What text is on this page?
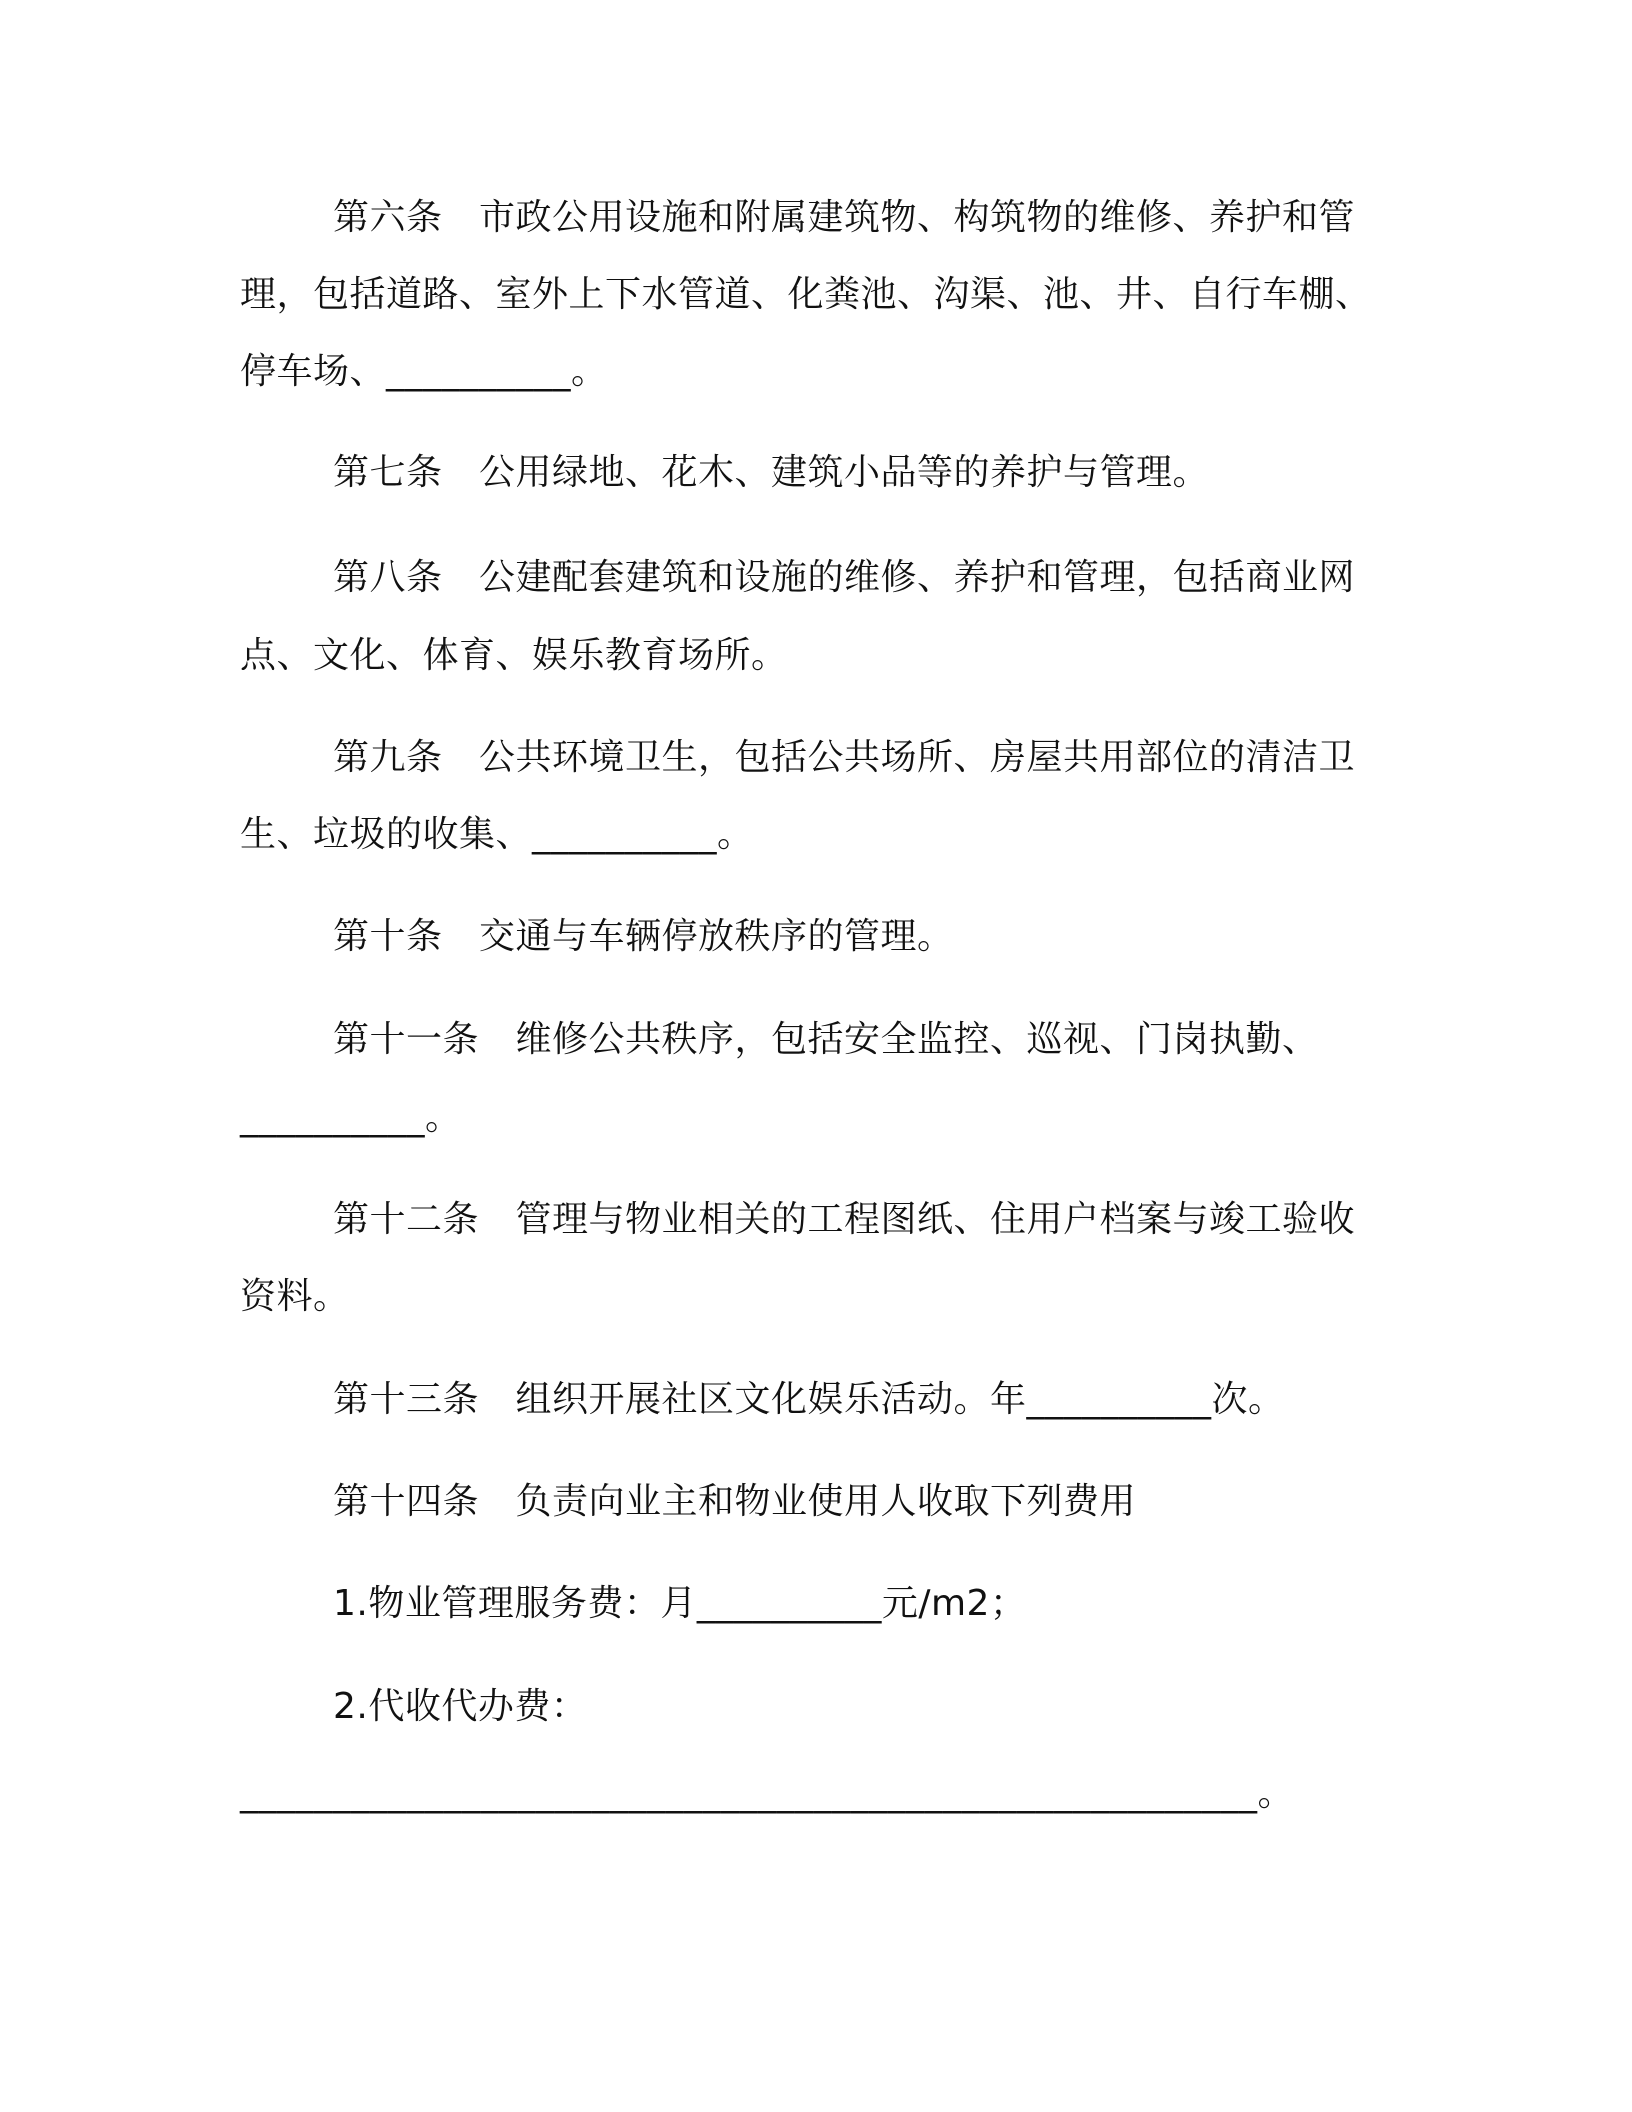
第六条　市政公用设施和附属建筑物、构筑物的维修、养护和管
理，包括道路、室外上下水管道、化粪池、沟渠、池、井、自行车棚、
停车场、__________。
第七条　公用绿地、花木、建筑小品等的养护与管理。
第八条　公建配套建筑和设施的维修、养护和管理，包括商业网
点、文化、体育、娱乐教育场所。
第九条　公共环境卫生，包括公共场所、房屋共用部位的清洁卫
生、垃圾的收集、__________。
第十条　交通与车辆停放秩序的管理。
第十一条　维修公共秩序，包括安全监控、巡视、门岗执勤、
__________。
第十二条　管理与物业相关的工程图纸、住用户档案与竣工验收
资料。
第十三条　组织开展社区文化娱乐活动。年__________次。
第十四条　负责向业主和物业使用人收取下列费用
1.物业管理服务费：月__________元/m2；
2.代收代办费：
_______________________________________________________。
